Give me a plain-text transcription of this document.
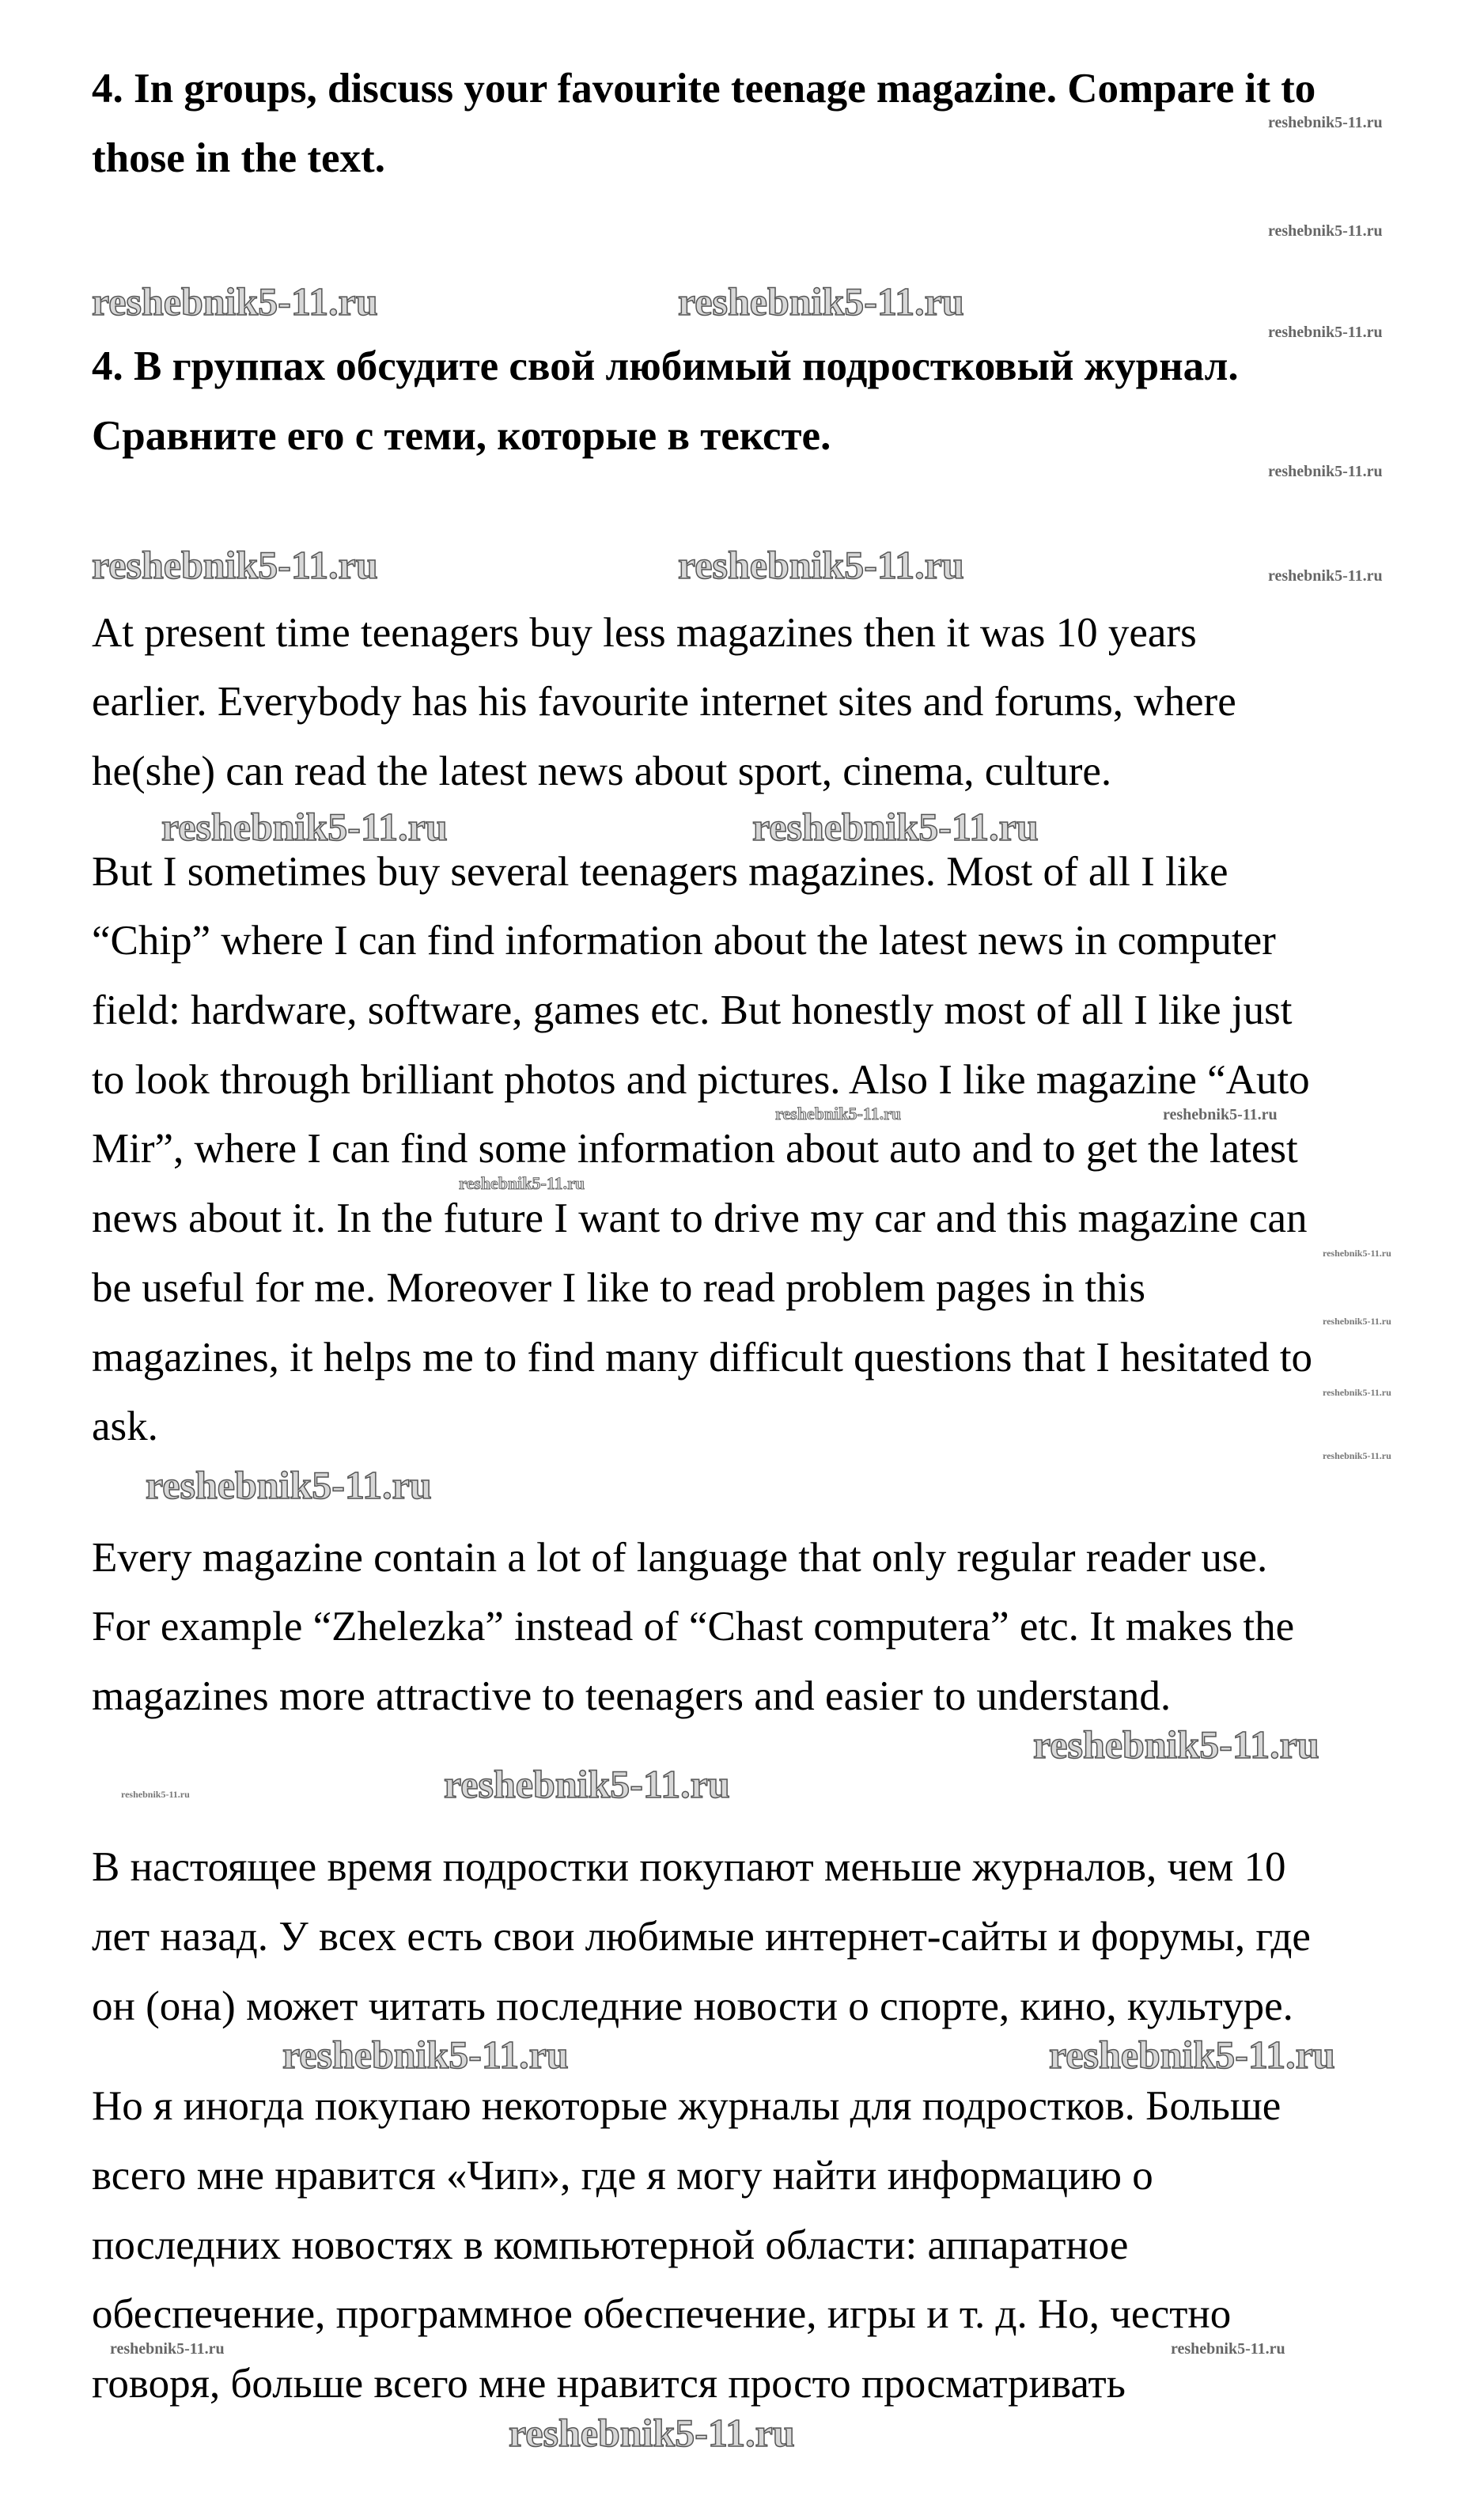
4. In groups, discuss your favourite teenage magazine. Compare it to
those in the text.
4. В группах обсудите свой любимый подростковый журнал.
Сравните его с теми, которые в тексте.
At present time teenagers buy less magazines then it was 10 years
earlier. Everybody has his favourite internet sites and forums, where
he(she) can read the latest news about sport, cinema, culture.
But I sometimes buy several teenagers magazines. Most of all I like
“Chip” where I can find information about the latest news in computer
field: hardware, software, games etc. But honestly most of all I like just
to look through brilliant photos and pictures. Also I like magazine “Auto
Mir”, where I can find some information about auto and to get the latest
news about it. In the future I want to drive my car and this magazine can
be useful for me. Moreover I like to read problem pages in this
magazines, it helps me to find many difficult questions that I hesitated to
ask.
Every magazine contain a lot of language that only regular reader use.
For example “Zhelezka” instead of “Chast computera” etc. It makes the
magazines more attractive to teenagers and easier to understand.
В настоящее время подростки покупают меньше журналов, чем 10
лет назад. У всех есть свои любимые интернет-сайты и форумы, где
он (она) может читать последние новости о спорте, кино, культуре.
Но я иногда покупаю некоторые журналы для подростков. Больше
всего мне нравится «Чип», где я могу найти информацию о
последних новостях в компьютерной области: аппаратное
обеспечение, программное обеспечение, игры и т. д. Но, честно
говоря, больше всего мне нравится просто просматривать
reshebnik5-11.ru	reshebnik5-11.ru
reshebnik5-11.ru	reshebnik5-11.ru
reshebnik5-11.ru	reshebnik5-11.ru
reshebnik5-11.ru
reshebnik5-11.ru
reshebnik5-11.ru
reshebnik5-11.ru	reshebnik5-11.ru
reshebnik5-11.ru
reshebnik5-11.ru
reshebnik5-11.ru
reshebnik5-11.ru
reshebnik5-11.ru
reshebnik5-11.ru
reshebnik5-11.ru
reshebnik5-11.ru
reshebnik5-11.ru
reshebnik5-11.ru
reshebnik5-11.ru
reshebnik5-11.ru
reshebnik5-11.ru
reshebnik5-11.ru
reshebnik5-11.ru	reshebnik5-11.ru
